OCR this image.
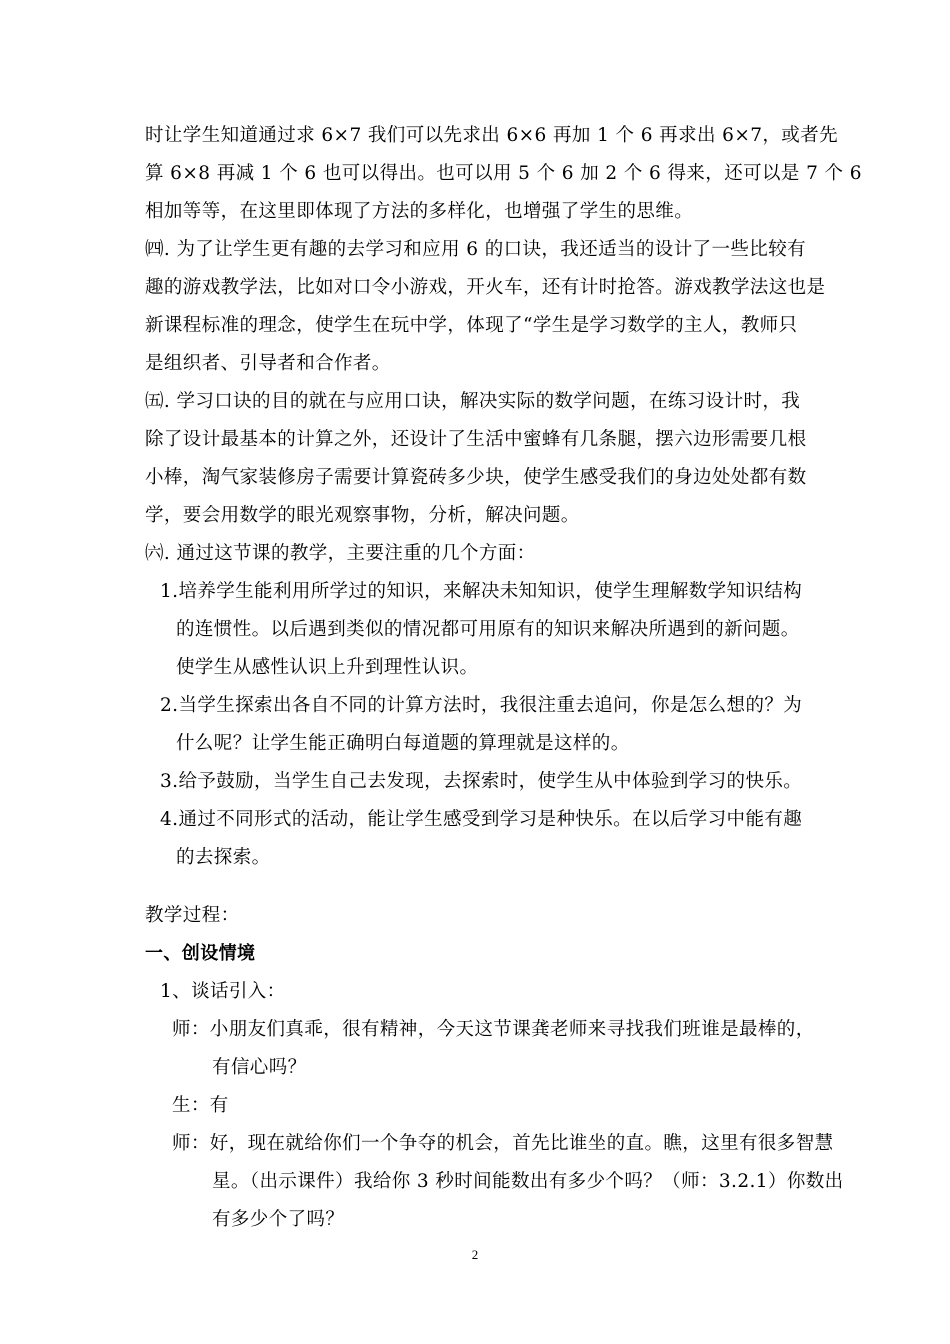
时让学生知道通过求 6×7 我们可以先求出 6×6 再加 1 个 6 再求出 6×7，或者先
算 6×8 再减 1 个 6 也可以得出。也可以用 5 个 6 加 2 个 6 得来，还可以是 7 个 6
相加等等，在这里即体现了方法的多样化，也增强了学生的思维。
㈣. 为了让学生更有趣的去学习和应用 6 的口诀，我还适当的设计了一些比较有
趣的游戏教学法，比如对口令小游戏，开火车，还有计时抢答。游戏教学法这也是
新课程标准的理念，使学生在玩中学，体现了“学生是学习数学的主人，教师只
是组织者、引导者和合作者。
㈤. 学习口诀的目的就在与应用口诀，解决实际的数学问题，在练习设计时，我
除了设计最基本的计算之外，还设计了生活中蜜蜂有几条腿，摆六边形需要几根
小棒，淘气家装修房子需要计算瓷砖多少块，使学生感受我们的身边处处都有数
学，要会用数学的眼光观察事物，分析，解决问题。
㈥. 通过这节课的教学，主要注重的几个方面：
1.培养学生能利用所学过的知识，来解决未知知识，使学生理解数学知识结构
的连惯性。以后遇到类似的情况都可用原有的知识来解决所遇到的新问题。
使学生从感性认识上升到理性认识。
2.当学生探索出各自不同的计算方法时，我很注重去追问，你是怎么想的？为
什么呢？让学生能正确明白每道题的算理就是这样的。
3.给予鼓励，当学生自己去发现，去探索时，使学生从中体验到学习的快乐。
4.通过不同形式的活动，能让学生感受到学习是种快乐。在以后学习中能有趣
的去探索。
教学过程：
一、创设情境
1、谈话引入：
师：小朋友们真乖，很有精神，今天这节课龚老师来寻找我们班谁是最棒的，
有信心吗？
生：有
师：好，现在就给你们一个争夺的机会，首先比谁坐的直。瞧，这里有很多智慧
星。（出示课件）我给你 3 秒时间能数出有多少个吗？（师：3.2.1）你数出
有多少个了吗？
2
